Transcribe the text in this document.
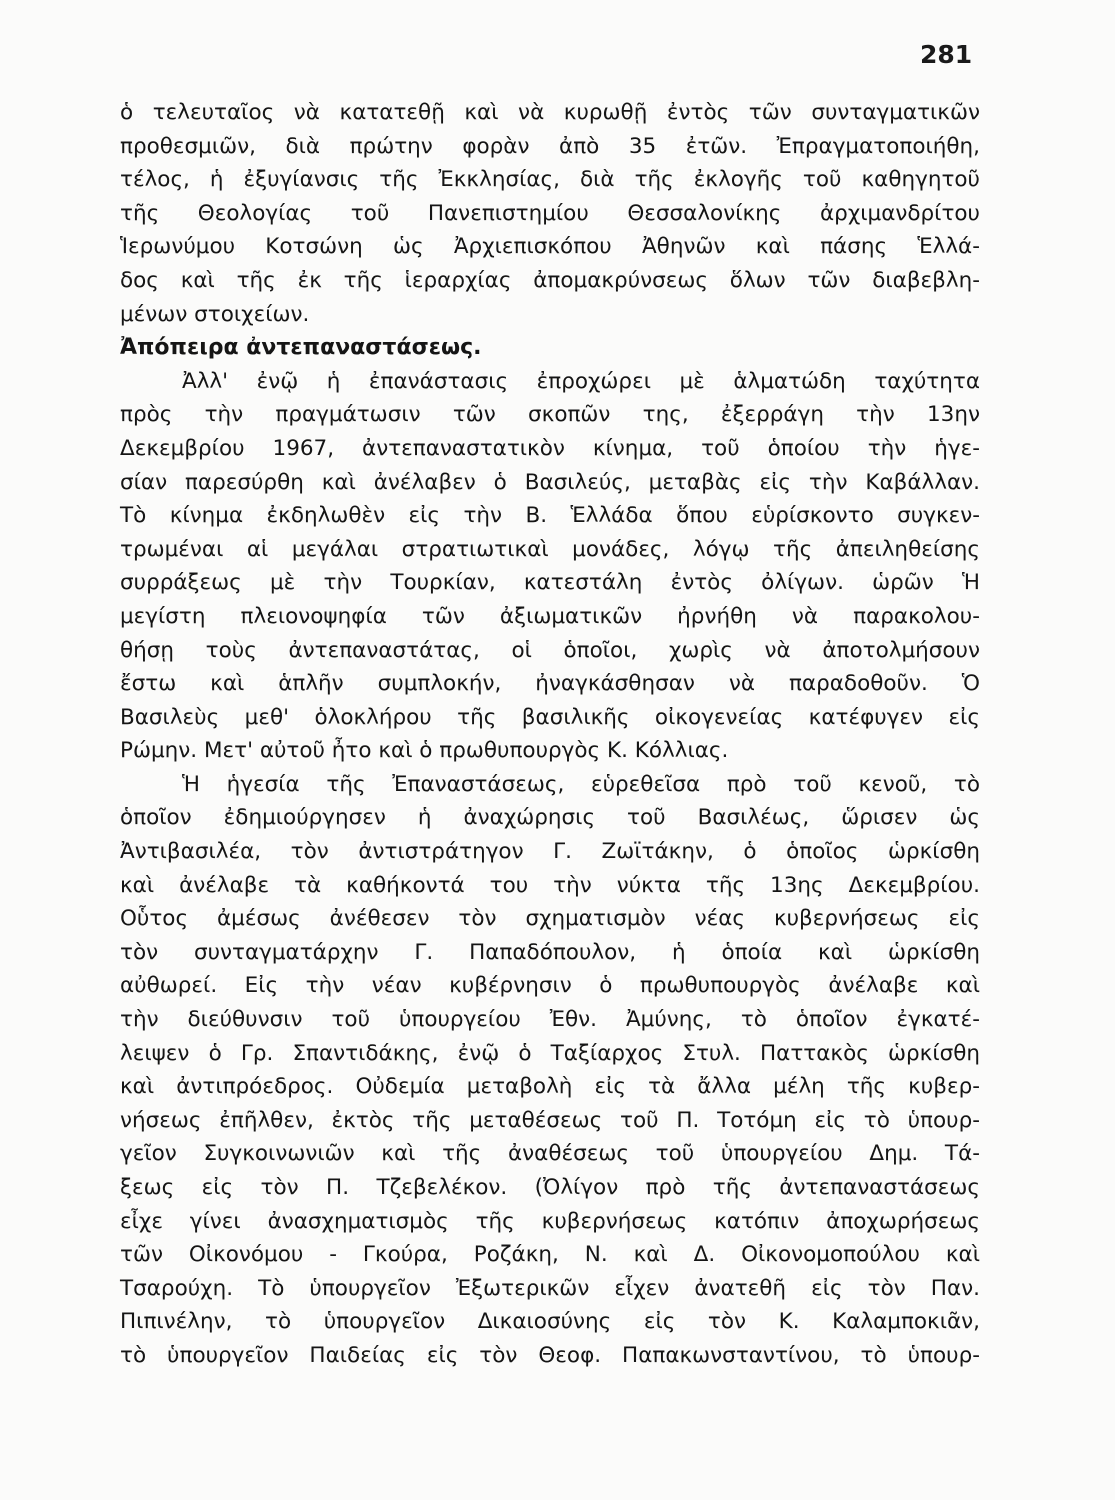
281
ὁ τελευταῖος νὰ κατατεθῇ καὶ νὰ κυρωθῇ ἐντὸς τῶν συνταγματικῶν
προθεσμιῶν, διὰ πρώτην φορὰν ἀπὸ 35 ἐτῶν. Ἐπραγματοποιήθη,
τέλος, ἡ ἐξυγίανσις τῆς Ἐκκλησίας, διὰ τῆς ἐκλογῆς τοῦ καθηγητοῦ
τῆς Θεολογίας τοῦ Πανεπιστημίου Θεσσαλονίκης ἀρχιμανδρίτου
Ἱερωνύμου Κοτσώνη ὡς Ἀρχιεπισκόπου Ἀθηνῶν καὶ πάσης Ἑλλά-
δος καὶ τῆς ἐκ τῆς ἱεραρχίας ἀπομακρύνσεως ὅλων τῶν διαβεβλη-
μένων στοιχείων.
Ἀπόπειρα ἀντεπαναστάσεως.
Ἀλλ' ἐνῷ ἡ ἐπανάστασις ἐπροχώρει μὲ ἁλματώδη ταχύτητα
πρὸς τὴν πραγμάτωσιν τῶν σκοπῶν της, ἐξερράγη τὴν 13ην
Δεκεμβρίου 1967, ἀντεπαναστατικὸν κίνημα, τοῦ ὁποίου τὴν ἡγε-
σίαν παρεσύρθη καὶ ἀνέλαβεν ὁ Βασιλεύς, μεταβὰς εἰς τὴν Καβάλλαν.
Τὸ κίνημα ἐκδηλωθὲν εἰς τὴν Β. Ἑλλάδα ὅπου εὑρίσκοντο συγκεν-
τρωμέναι αἱ μεγάλαι στρατιωτικαὶ μονάδες, λόγῳ τῆς ἀπειληθείσης
συρράξεως μὲ τὴν Τουρκίαν, κατεστάλη ἐντὸς ὀλίγων. ὡρῶν Ἡ
μεγίστη πλειονοψηφία τῶν ἀξιωματικῶν ἠρνήθη νὰ παρακολου-
θήσῃ τοὺς ἀντεπαναστάτας, οἱ ὁποῖοι, χωρὶς νὰ ἀποτολμήσουν
ἔστω καὶ ἁπλῆν συμπλοκήν, ἠναγκάσθησαν νὰ παραδοθοῦν. Ὁ
Βασιλεὺς μεθ' ὁλοκλήρου τῆς βασιλικῆς οἰκογενείας κατέφυγεν εἰς
Ρώμην. Μετ' αὐτοῦ ἦτο καὶ ὁ πρωθυπουργὸς Κ. Κόλλιας.
Ἡ ἡγεσία τῆς Ἐπαναστάσεως, εὑρεθεῖσα πρὸ τοῦ κενοῦ, τὸ
ὁποῖον ἐδημιούργησεν ἡ ἀναχώρησις τοῦ Βασιλέως, ὥρισεν ὡς
Ἀντιβασιλέα, τὸν ἀντιστράτηγον Γ. Ζωϊτάκην, ὁ ὁποῖος ὡρκίσθη
καὶ ἀνέλαβε τὰ καθήκοντά του τὴν νύκτα τῆς 13ης Δεκεμβρίου.
Οὗτος ἀμέσως ἀνέθεσεν τὸν σχηματισμὸν νέας κυβερνήσεως εἰς
τὸν συνταγματάρχην Γ. Παπαδόπουλον, ἡ ὁποία καὶ ὡρκίσθη
αὐθωρεί. Εἰς τὴν νέαν κυβέρνησιν ὁ πρωθυπουργὸς ἀνέλαβε καὶ
τὴν διεύθυνσιν τοῦ ὑπουργείου Ἐθν. Ἀμύνης, τὸ ὁποῖον ἐγκατέ-
λειψεν ὁ Γρ. Σπαντιδάκης, ἐνῷ ὁ Ταξίαρχος Στυλ. Παττακὸς ὡρκίσθη
καὶ ἀντιπρόεδρος. Οὐδεμία μεταβολὴ εἰς τὰ ἄλλα μέλη τῆς κυβερ-
νήσεως ἐπῆλθεν, ἐκτὸς τῆς μεταθέσεως τοῦ Π. Τοτόμη εἰς τὸ ὑπουρ-
γεῖον Συγκοινωνιῶν καὶ τῆς ἀναθέσεως τοῦ ὑπουργείου Δημ. Τά-
ξεως εἰς τὸν Π. Τζεβελέκον. (Ὀλίγον πρὸ τῆς ἀντεπαναστάσεως
εἶχε γίνει ἀνασχηματισμὸς τῆς κυβερνήσεως κατόπιν ἀποχωρήσεως
τῶν Οἰκονόμου - Γκούρα, Ροζάκη, Ν. καὶ Δ. Οἰκονομοπούλου καὶ
Τσαρούχη. Τὸ ὑπουργεῖον Ἐξωτερικῶν εἶχεν ἀνατεθῆ εἰς τὸν Παν.
Πιπινέλην, τὸ ὑπουργεῖον Δικαιοσύνης εἰς τὸν Κ. Καλαμποκιᾶν,
τὸ ὑπουργεῖον Παιδείας εἰς τὸν Θεοφ. Παπακωνσταντίνου, τὸ ὑπουρ-
